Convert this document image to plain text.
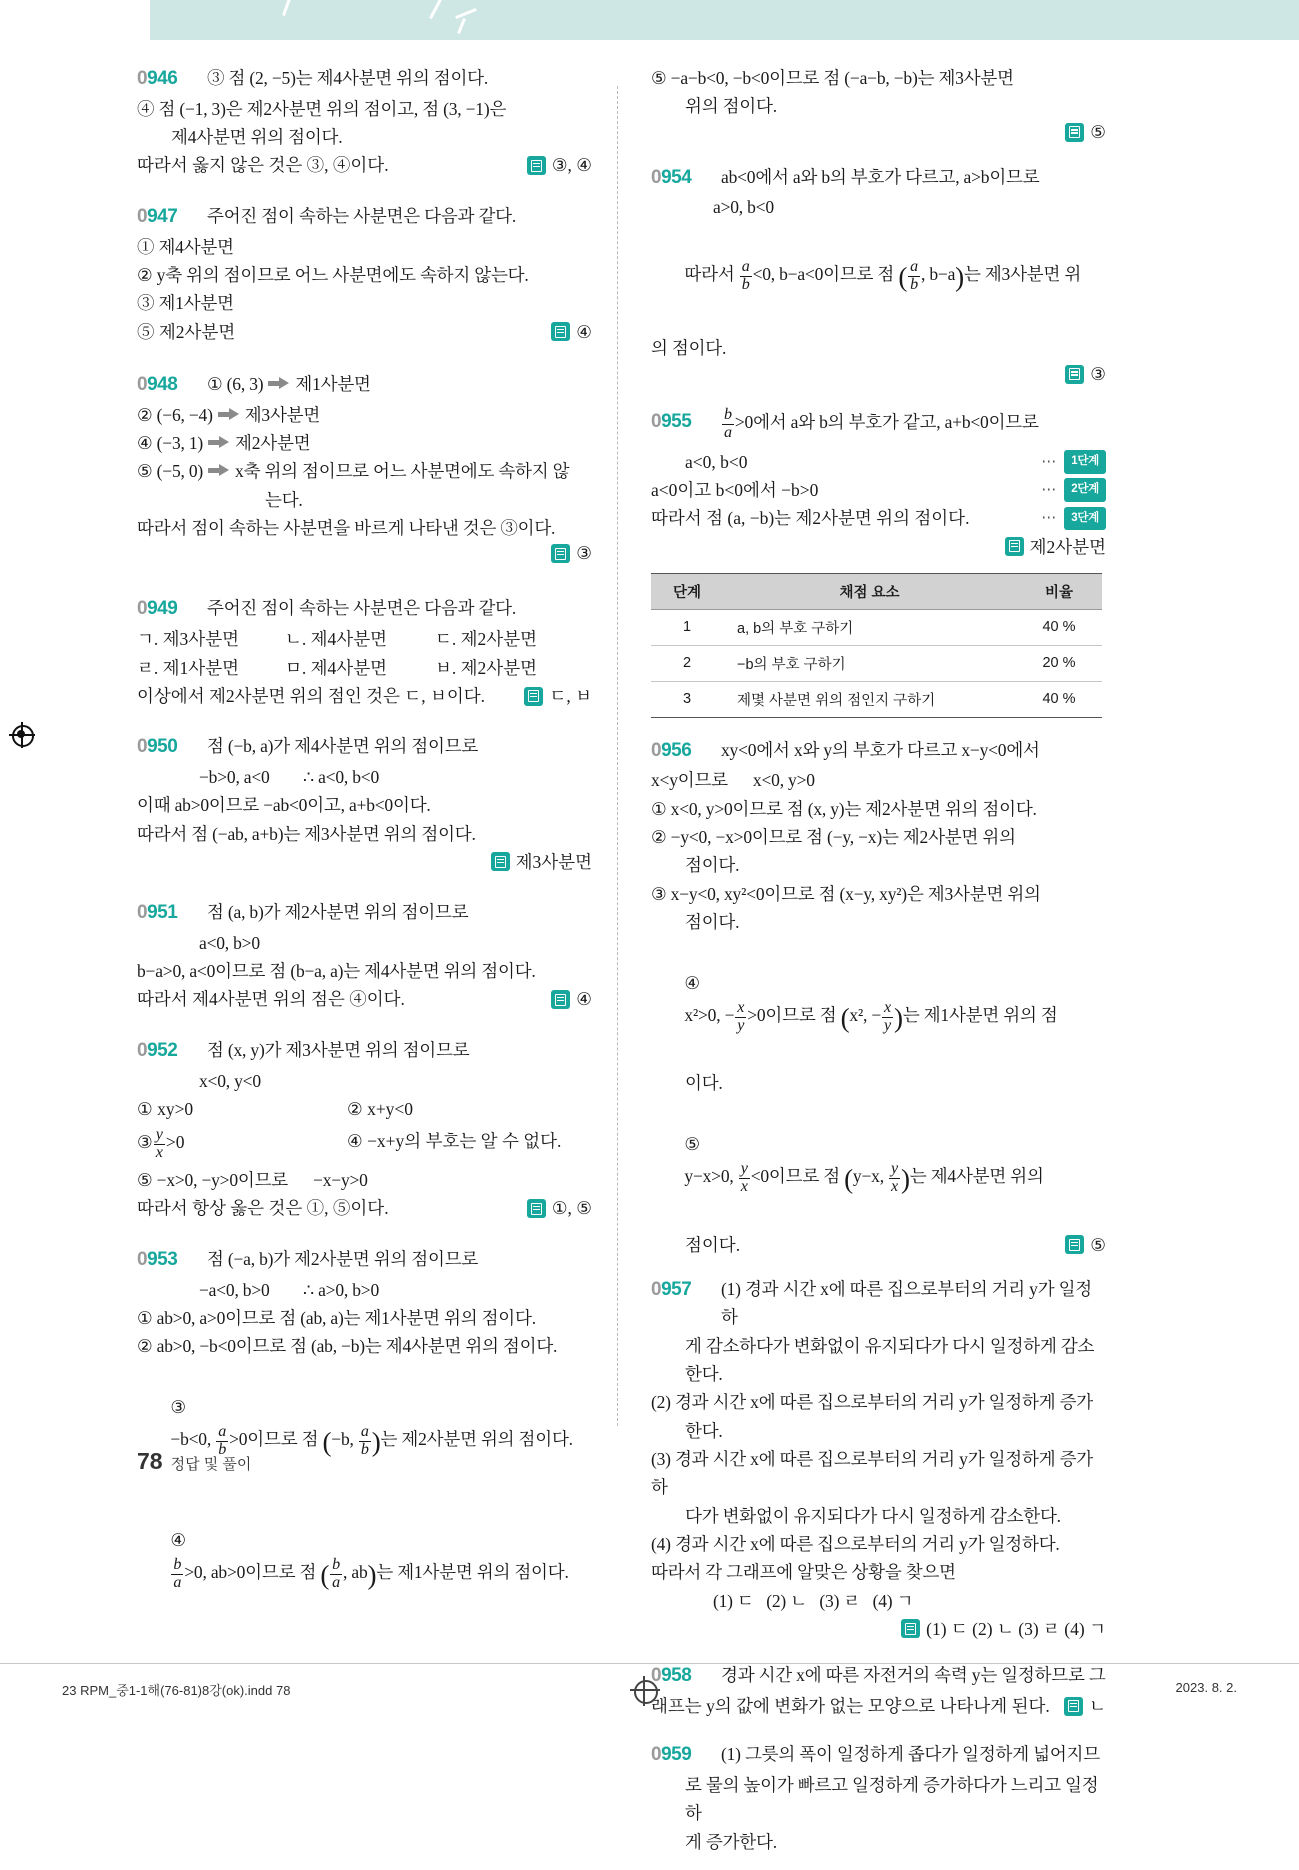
0946	③ 점 (2, −5)는 제4사분면 위의 점이다.
④ 점 (−1, 3)은 제2사분면 위의 점이고, 점 (3, −1)은
제4사분면 위의 점이다.
따라서 옳지 않은 것은 ③, ④이다.	③, ④
0947	주어진 점이 속하는 사분면은 다음과 같다.
① 제4사분면
② y축 위의 점이므로 어느 사분면에도 속하지 않는다.
③ 제1사분면
⑤ 제2사분면	④
0948	① (6, 3) 제1사분면
② (−6, −4) 제3사분면
④ (−3, 1) 제2사분면
⑤ (−5, 0) x축 위의 점이므로 어느 사분면에도 속하지 않
는다.
따라서 점이 속하는 사분면을 바르게 나타낸 것은 ③이다.
③
0949	주어진 점이 속하는 사분면은 다음과 같다.
ㄱ. 제3사분면	ㄴ. 제4사분면	ㄷ. 제2사분면
ㄹ. 제1사분면	ㅁ. 제4사분면	ㅂ. 제2사분면
이상에서 제2사분면 위의 점인 것은 ㄷ, ㅂ이다.	ㄷ, ㅂ
0950	점 (−b, a)가 제4사분면 위의 점이므로
−b>0, a<0        ∴ a<0, b<0
이때 ab>0이므로 −ab<0이고, a+b<0이다.
따라서 점 (−ab, a+b)는 제3사분면 위의 점이다.
제3사분면
0951	점 (a, b)가 제2사분면 위의 점이므로
a<0, b>0
b−a>0, a<0이므로 점 (b−a, a)는 제4사분면 위의 점이다.
따라서 제4사분면 위의 점은 ④이다.	④
0952	점 (x, y)가 제3사분면 위의 점이므로
x<0, y<0
① xy>0	② x+y<0
③ $\frac{y}{x} >0$	④ −x+y의 부호는 알 수 없다.
⑤ −x>0, −y>0이므로      −x−y>0
따라서 항상 옳은 것은 ①, ⑤이다.	①, ⑤
0953	점 (−a, b)가 제2사분면 위의 점이므로
−a<0, b>0        ∴ a>0, b>0
① ab>0, a>0이므로 점 (ab, a)는 제1사분면 위의 점이다.
② ab>0, −b<0이므로 점 (ab, −b)는 제4사분면 위의 점이다.

③
−b<0, $\frac{a}{b} >0$이므로 점 (−b, $\frac{a}{b}$ )는 제2사분면 위의 점이다.

④

$\frac{b}{a} >0$, ab>0이므로 점 ( $\frac{b}{a}$ , ab)는 제1사분면 위의 점이다.

⑤ −a−b<0, −b<0이므로 점 (−a−b, −b)는 제3사분면
위의 점이다.
⑤
0954	ab<0에서 a와 b의 부호가 다르고, a>b이므로
a>0, b<0

따라서 $\frac{a}{b} <0$, b−a<0이므로 점 ( $\frac{a}{b}$ , b−a)는 제3사분면 위

의 점이다.
③
0955	$\frac{b}{a} >0$에서 a와 b의 부호가 같고, a+b<0이므로
a<0, b<0	⋯	1단계
a<0이고 b<0에서 −b>0	⋯	2단계
따라서 점 (a, −b)는 제2사분면 위의 점이다.	⋯	3단계
제2사분면
단계	채점 요소	비율
1	a, b의 부호 구하기	40 %
2	−b의 부호 구하기	20 %
3	제몇 사분면 위의 점인지 구하기	40 %
0956	xy<0에서 x와 y의 부호가 다르고 x−y<0에서
x<y이므로      x<0, y>0
① x<0, y>0이므로 점 (x, y)는 제2사분면 위의 점이다.
② −y<0, −x>0이므로 점 (−y, −x)는 제2사분면 위의
점이다.
③ x−y<0, xy²<0이므로 점 (x−y, xy²)은 제3사분면 위의
점이다.

④
x²>0, − $\frac{x}{y} >0$이므로 점 (x², − $\frac{x}{y}$ )는 제1사분면 위의 점

이다.

⑤
y−x>0, $\frac{y}{x} <0$이므로 점 (y−x, $\frac{y}{x}$ )는 제4사분면 위의

점이다.	⑤
0957	(1) 경과 시간 x에 따른 집으로부터의 거리 y가 일정하
게 감소하다가 변화없이 유지되다가 다시 일정하게 감소한다.
(2) 경과 시간 x에 따른 집으로부터의 거리 y가 일정하게 증가
한다.
(3) 경과 시간 x에 따른 집으로부터의 거리 y가 일정하게 증가하
다가 변화없이 유지되다가 다시 일정하게 감소한다.
(4) 경과 시간 x에 따른 집으로부터의 거리 y가 일정하다.
따라서 각 그래프에 알맞은 상황을 찾으면
(1) ㄷ   (2) ㄴ   (3) ㄹ   (4) ㄱ
(1) ㄷ (2) ㄴ (3) ㄹ (4) ㄱ
0958	경과 시간 x에 따른 자전거의 속력 y는 일정하므로 그
래프는 y의 값에 변화가 없는 모양으로 나타나게 된다. ㄴ
0959	(1) 그릇의 폭이 일정하게 좁다가 일정하게 넓어지므
로 물의 높이가 빠르고 일정하게 증가하다가 느리고 일정하
게 증가한다.
78 정답 및 풀이
23 RPM_중1-1해(76-81)8강(ok).indd 78	2023. 8. 2.
